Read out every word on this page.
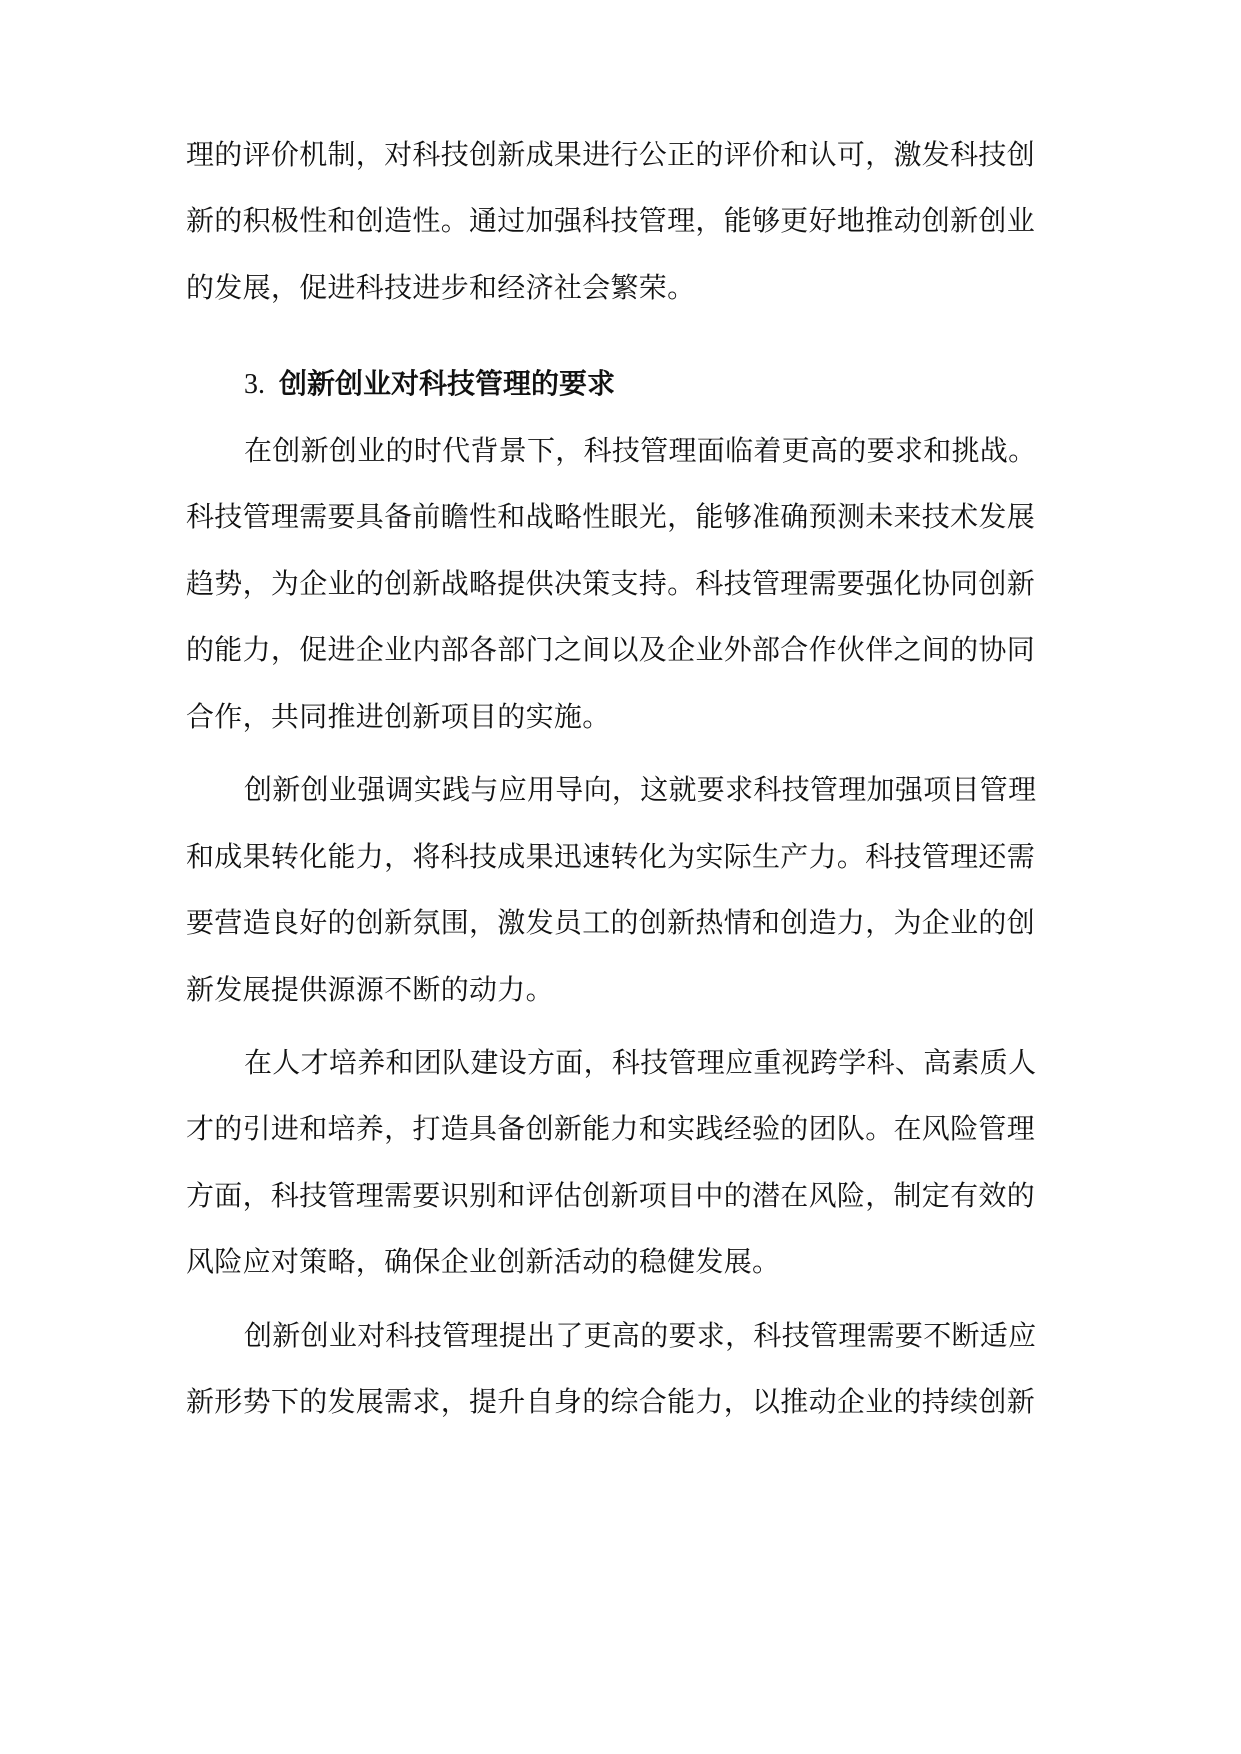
理的评价机制，对科技创新成果进行公正的评价和认可，激发科技创
新的积极性和创造性。通过加强科技管理，能够更好地推动创新创业
的发展，促进科技进步和经济社会繁荣。
3. 创新创业对科技管理的要求
在创新创业的时代背景下，科技管理面临着更高的要求和挑战。
科技管理需要具备前瞻性和战略性眼光，能够准确预测未来技术发展
趋势，为企业的创新战略提供决策支持。科技管理需要强化协同创新
的能力，促进企业内部各部门之间以及企业外部合作伙伴之间的协同
合作，共同推进创新项目的实施。
创新创业强调实践与应用导向，这就要求科技管理加强项目管理
和成果转化能力，将科技成果迅速转化为实际生产力。科技管理还需
要营造良好的创新氛围，激发员工的创新热情和创造力，为企业的创
新发展提供源源不断的动力。
在人才培养和团队建设方面，科技管理应重视跨学科、高素质人
才的引进和培养，打造具备创新能力和实践经验的团队。在风险管理
方面，科技管理需要识别和评估创新项目中的潜在风险，制定有效的
风险应对策略，确保企业创新活动的稳健发展。
创新创业对科技管理提出了更高的要求，科技管理需要不断适应
新形势下的发展需求，提升自身的综合能力，以推动企业的持续创新
